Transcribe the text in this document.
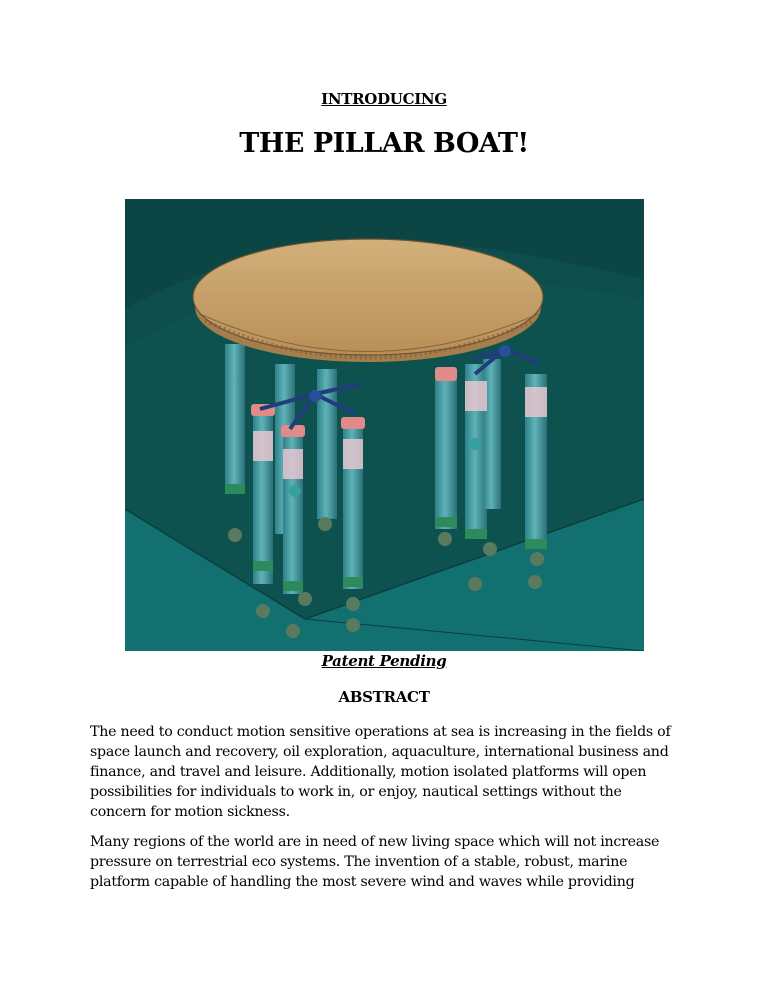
INTRODUCING
THE PILLAR BOAT!
Patent Pending
ABSTRACT

The need to conduct motion sensitive operations at sea is increasing in the fields of
space launch and recovery, oil exploration, aquaculture, international business and
finance, and travel and leisure. Additionally, motion isolated platforms will open
possibilities for individuals to work in, or enjoy, nautical settings without the
concern for motion sickness.

Many regions of the world are in need of new living space which will not increase
pressure on terrestrial eco systems. The invention of a stable, robust, marine
platform capable of handling the most severe wind and waves while providing
